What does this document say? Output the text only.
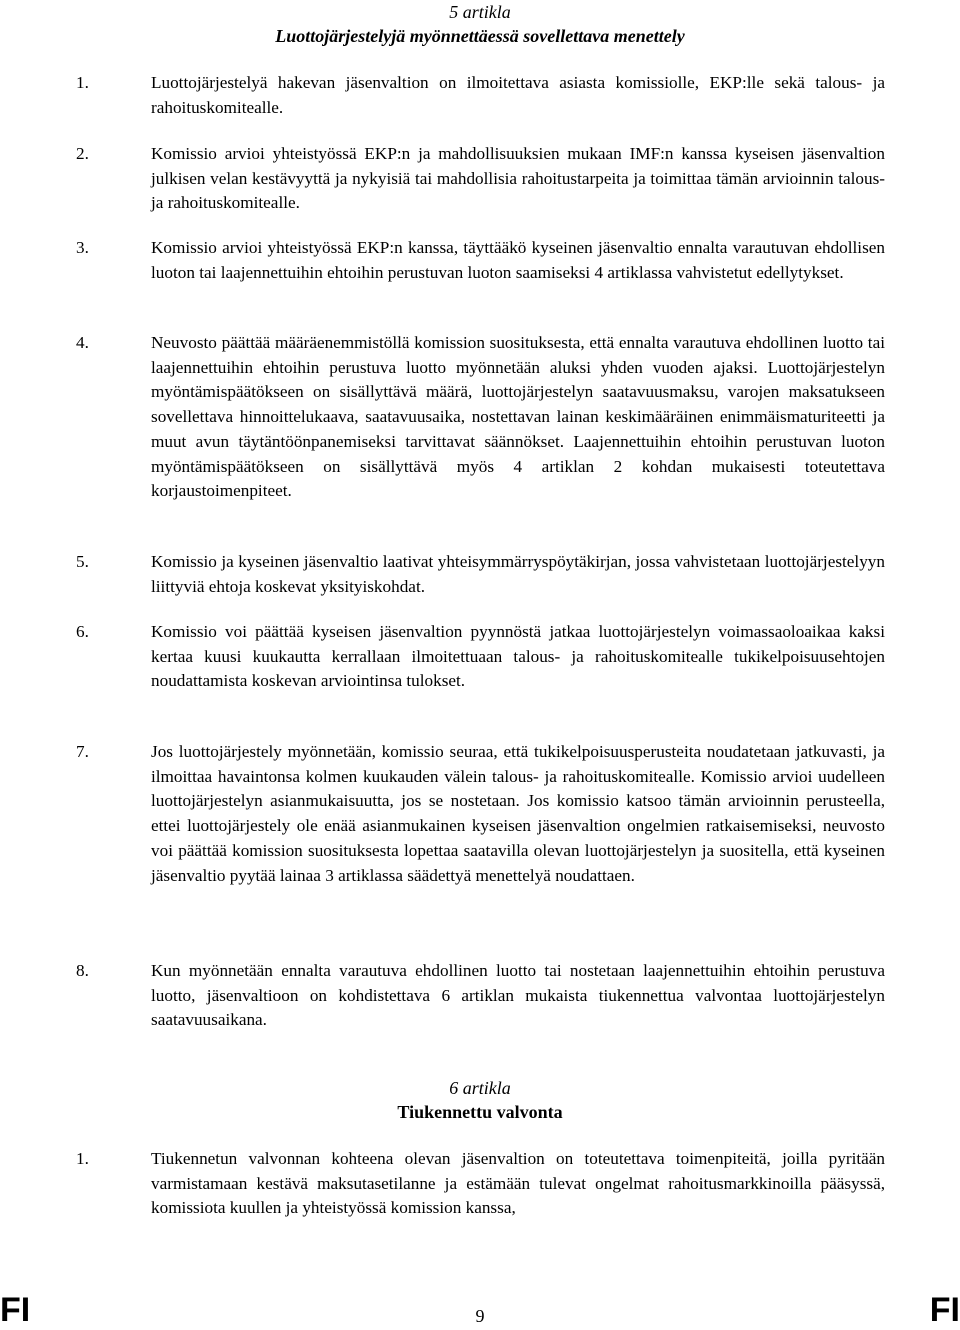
5 artikla
Luottojärjestelyjä myönnettäessä sovellettava menettely
1.	Luottojärjestelyä hakevan jäsenvaltion on ilmoitettava asiasta komissiolle, EKP:lle sekä talous- ja rahoituskomitealle.
2.	Komissio arvioi yhteistyössä EKP:n ja mahdollisuuksien mukaan IMF:n kanssa kyseisen jäsenvaltion julkisen velan kestävyyttä ja nykyisiä tai mahdollisia rahoitustarpeita ja toimittaa tämän arvioinnin talous- ja rahoituskomitealle.
3.	Komissio arvioi yhteistyössä EKP:n kanssa, täyttääkö kyseinen jäsenvaltio ennalta varautuvan ehdollisen luoton tai laajennettuihin ehtoihin perustuvan luoton saamiseksi 4 artiklassa vahvistetut edellytykset.
4.	Neuvosto päättää määräenemmistöllä komission suosituksesta, että ennalta varautuva ehdollinen luotto tai laajennettuihin ehtoihin perustuva luotto myönnetään aluksi yhden vuoden ajaksi. Luottojärjestelyn myöntämispäätökseen on sisällyttävä määrä, luottojärjestelyn saatavuusmaksu, varojen maksatukseen sovellettava hinnoittelukaava, saatavuusaika, nostettavan lainan keskimääräinen enimmäismaturiteetti ja muut avun täytäntöönpanemiseksi tarvittavat säännökset. Laajennettuihin ehtoihin perustuvan luoton myöntämispäätökseen on sisällyttävä myös 4 artiklan 2 kohdan mukaisesti toteutettava korjaustoimenpiteet.
5.	Komissio ja kyseinen jäsenvaltio laativat yhteisymmärryspöytäkirjan, jossa vahvistetaan luottojärjestelyyn liittyviä ehtoja koskevat yksityiskohdat.
6.	Komissio voi päättää kyseisen jäsenvaltion pyynnöstä jatkaa luottojärjestelyn voimassaoloaikaa kaksi kertaa kuusi kuukautta kerrallaan ilmoitettuaan talous- ja rahoituskomitealle tukikelpoisuusehtojen noudattamista koskevan arviointinsa tulokset.
7.	Jos luottojärjestely myönnetään, komissio seuraa, että tukikelpoisuusperusteita noudatetaan jatkuvasti, ja ilmoittaa havaintonsa kolmen kuukauden välein talous- ja rahoituskomitealle. Komissio arvioi uudelleen luottojärjestelyn asianmukaisuutta, jos se nostetaan. Jos komissio katsoo tämän arvioinnin perusteella, ettei luottojärjestely ole enää asianmukainen kyseisen jäsenvaltion ongelmien ratkaisemiseksi, neuvosto voi päättää komission suosituksesta lopettaa saatavilla olevan luottojärjestelyn ja suositella, että kyseinen jäsenvaltio pyytää lainaa 3 artiklassa säädettyä menettelyä noudattaen.
8.	Kun myönnetään ennalta varautuva ehdollinen luotto tai nostetaan laajennettuihin ehtoihin perustuva luotto, jäsenvaltioon on kohdistettava 6 artiklan mukaista tiukennettua valvontaa luottojärjestelyn saatavuusaikana.
6 artikla
Tiukennettu valvonta
1.	Tiukennetun valvonnan kohteena olevan jäsenvaltion on toteutettava toimenpiteitä, joilla pyritään varmistamaan kestävä maksutasetilanne ja estämään tulevat ongelmat rahoitusmarkkinoilla pääsyssä, komissiota kuullen ja yhteistyössä komission kanssa,
FI	9	FI
